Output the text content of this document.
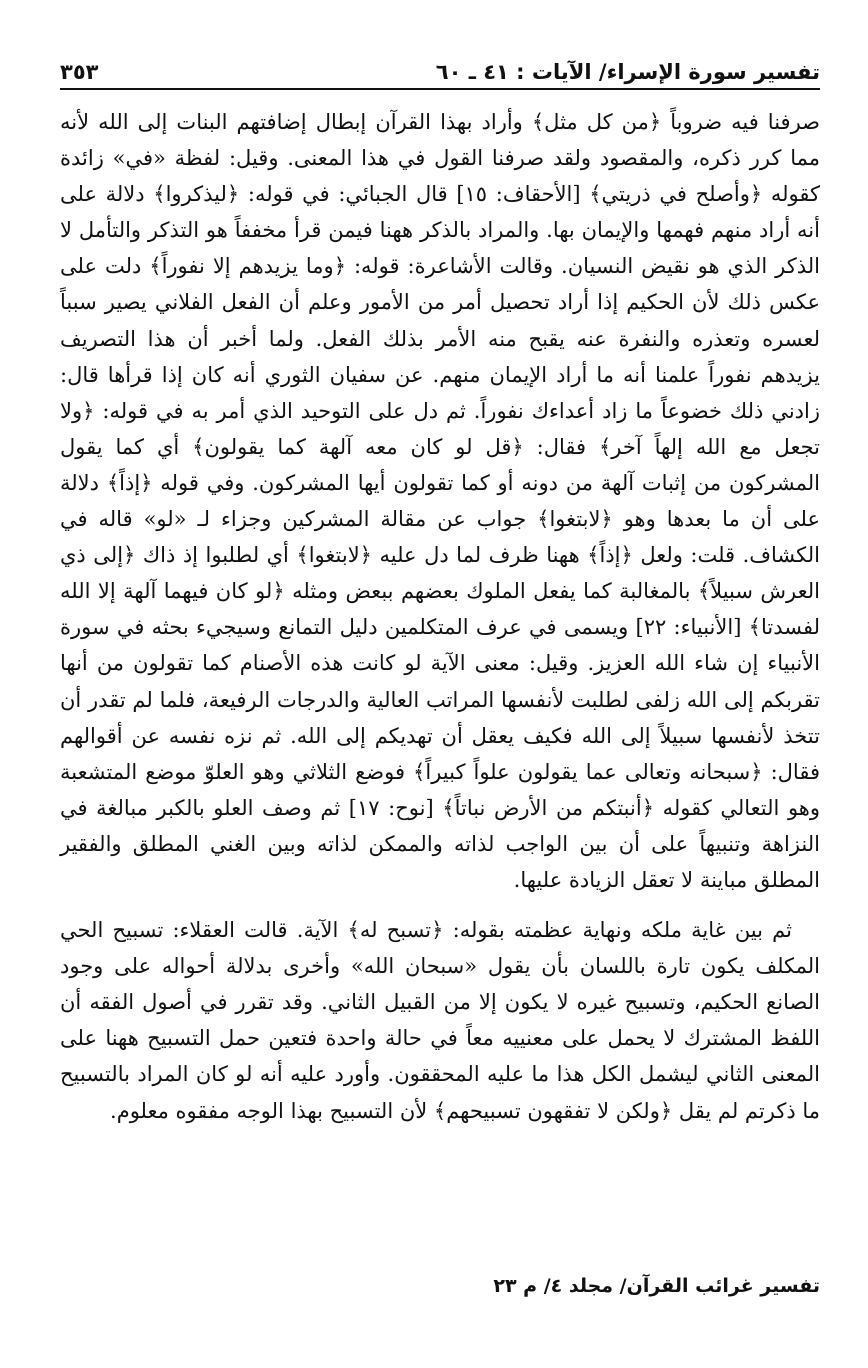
تفسير سورة الإسراء/ الآيات : ٤١ ـ ٦٠
٣٥٣

صرفنا فيه ضروباً ﴿من كل مثل﴾ وأراد بهذا القرآن إبطال إضافتهم البنات إلى الله لأنه مما كرر ذكره، والمقصود ولقد صرفنا القول في هذا المعنى. وقيل: لفظة «في» زائدة كقوله ﴿وأصلح في ذريتي﴾ [الأحقاف: ١٥] قال الجبائي: في قوله: ﴿ليذكروا﴾ دلالة على أنه أراد منهم فهمها والإيمان بها. والمراد بالذكر ههنا فيمن قرأ مخففاً هو التذكر والتأمل لا الذكر الذي هو نقيض النسيان. وقالت الأشاعرة: قوله: ﴿وما يزيدهم إلا نفوراً﴾ دلت على عكس ذلك لأن الحكيم إذا أراد تحصيل أمر من الأمور وعلم أن الفعل الفلاني يصير سبباً لعسره وتعذره والنفرة عنه يقبح منه الأمر بذلك الفعل. ولما أخبر أن هذا التصريف يزيدهم نفوراً علمنا أنه ما أراد الإيمان منهم. عن سفيان الثوري أنه كان إذا قرأها قال: زادني ذلك خضوعاً ما زاد أعداءك نفوراً. ثم دل على التوحيد الذي أمر به في قوله: ﴿ولا تجعل مع الله إلهاً آخر﴾ فقال: ﴿قل لو كان معه آلهة كما يقولون﴾ أي كما يقول المشركون من إثبات آلهة من دونه أو كما تقولون أيها المشركون. وفي قوله ﴿إذاً﴾ دلالة على أن ما بعدها وهو ﴿لابتغوا﴾ جواب عن مقالة المشركين وجزاء لـ «لو» قاله في الكشاف. قلت: ولعل ﴿إذاً﴾ ههنا ظرف لما دل عليه ﴿لابتغوا﴾ أي لطلبوا إذ ذاك ﴿إلى ذي العرش سبيلاً﴾ بالمغالبة كما يفعل الملوك بعضهم ببعض ومثله ﴿لو كان فيهما آلهة إلا الله لفسدتا﴾ [الأنبياء: ٢٢] ويسمى في عرف المتكلمين دليل التمانع وسيجيء بحثه في سورة الأنبياء إن شاء الله العزيز. وقيل: معنى الآية لو كانت هذه الأصنام كما تقولون من أنها تقربكم إلى الله زلفى لطلبت لأنفسها المراتب العالية والدرجات الرفيعة، فلما لم تقدر أن تتخذ لأنفسها سبيلاً إلى الله فكيف يعقل أن تهديكم إلى الله. ثم نزه نفسه عن أقوالهم فقال: ﴿سبحانه وتعالى عما يقولون علواً كبيراً﴾ فوضع الثلاثي وهو العلوّ موضع المتشعبة وهو التعالي كقوله ﴿أنبتكم من الأرض نباتاً﴾ [نوح: ١٧] ثم وصف العلو بالكبر مبالغة في النزاهة وتنبيهاً على أن بين الواجب لذاته والممكن لذاته وبين الغني المطلق والفقير المطلق مباينة لا تعقل الزيادة عليها.

ثم بين غاية ملكه ونهاية عظمته بقوله: ﴿تسبح له﴾ الآية. قالت العقلاء: تسبيح الحي المكلف يكون تارة باللسان بأن يقول «سبحان الله» وأخرى بدلالة أحواله على وجود الصانع الحكيم، وتسبيح غيره لا يكون إلا من القبيل الثاني. وقد تقرر في أصول الفقه أن اللفظ المشترك لا يحمل على معنييه معاً في حالة واحدة فتعين حمل التسبيح ههنا على المعنى الثاني ليشمل الكل هذا ما عليه المحققون. وأورد عليه أنه لو كان المراد بالتسبيح ما ذكرتم لم يقل ﴿ولكن لا تفقهون تسبيحهم﴾ لأن التسبيح بهذا الوجه مفقوه معلوم.

تفسير غرائب القرآن/ مجلد ٤/ م ٢٣
